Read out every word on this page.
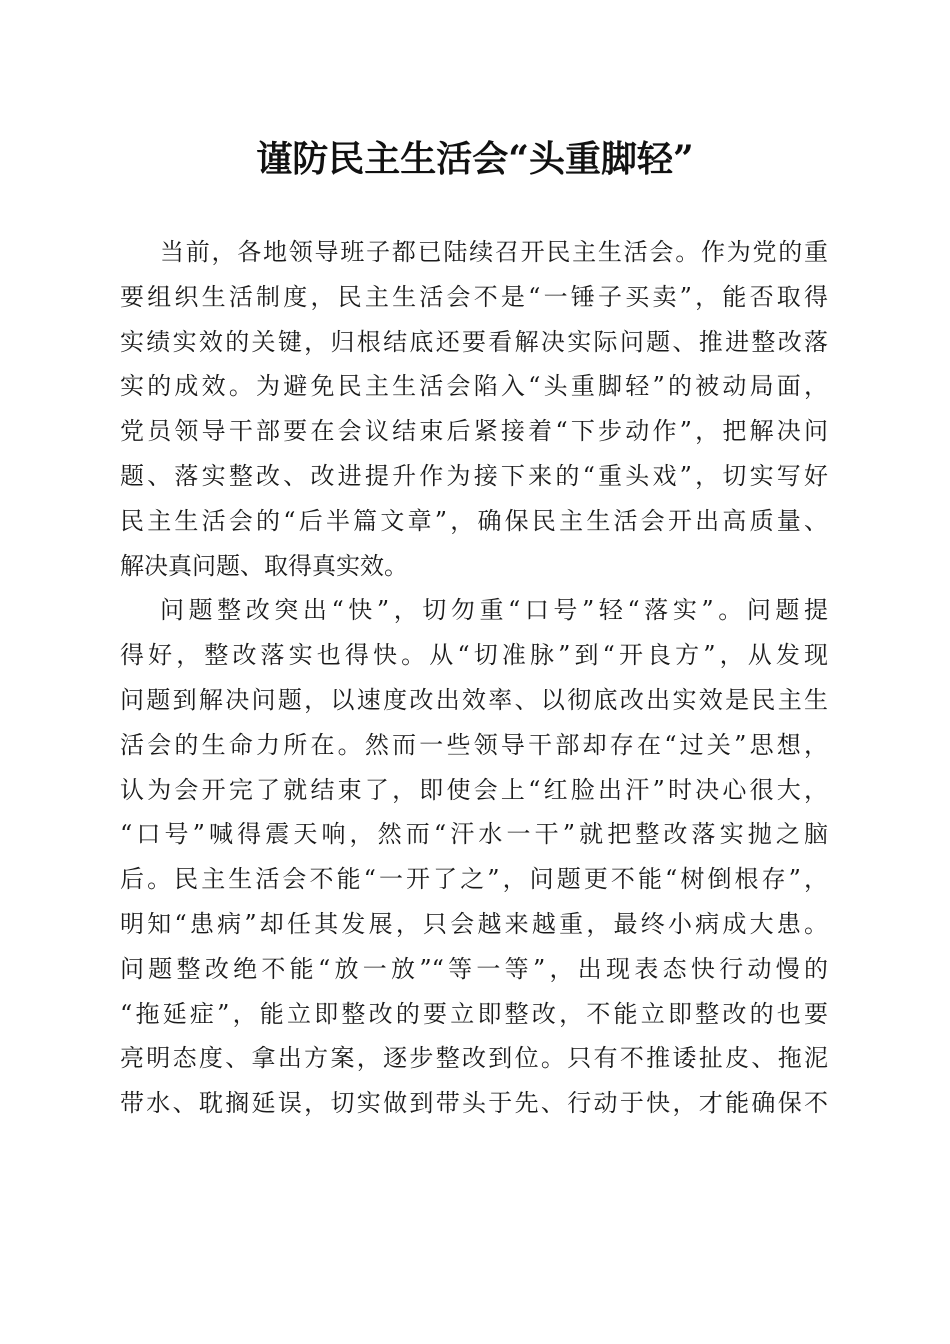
谨防民主生活会“头重脚轻”
当前，各地领导班子都已陆续召开民主生活会。作为党的重
要组织生活制度，民主生活会不是“一锤子买卖”，能否取得
实绩实效的关键，归根结底还要看解决实际问题、推进整改落
实的成效。为避免民主生活会陷入“头重脚轻”的被动局面，
党员领导干部要在会议结束后紧接着“下步动作”，把解决问
题、落实整改、改进提升作为接下来的“重头戏”，切实写好
民主生活会的“后半篇文章”，确保民主生活会开出高质量、
解决真问题、取得真实效。
问题整改突出“快”，切勿重“口号”轻“落实”。问题提
得好，整改落实也得快。从“切准脉”到“开良方”，从发现
问题到解决问题，以速度改出效率、以彻底改出实效是民主生
活会的生命力所在。然而一些领导干部却存在“过关”思想，
认为会开完了就结束了，即使会上“红脸出汗”时决心很大，
“口号”喊得震天响，然而“汗水一干”就把整改落实抛之脑
后。民主生活会不能“一开了之”，问题更不能“树倒根存”，
明知“患病”却任其发展，只会越来越重，最终小病成大患。
问题整改绝不能“放一放”“等一等”，出现表态快行动慢的
“拖延症”，能立即整改的要立即整改，不能立即整改的也要
亮明态度、拿出方案，逐步整改到位。只有不推诿扯皮、拖泥
带水、耽搁延误，切实做到带头于先、行动于快，才能确保不
